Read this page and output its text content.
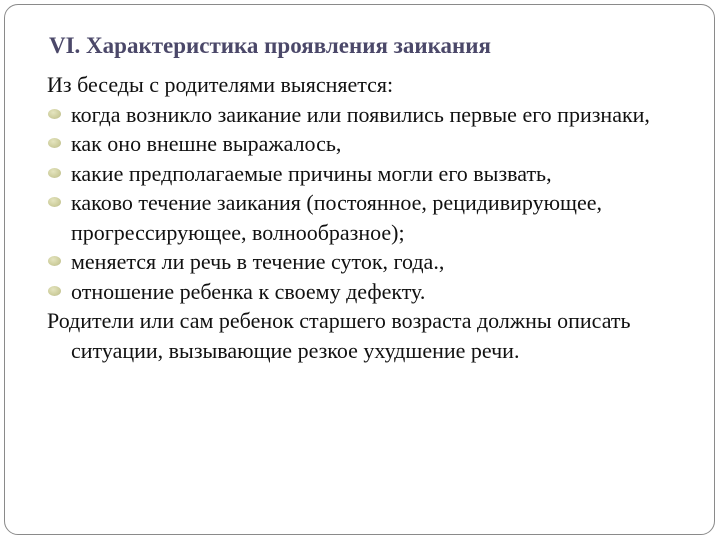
VI. Характеристика проявления заикания

Из беседы с родителями выясняется:

когда возникло заикание или появились первые его признаки,
как оно внешне выражалось,
какие предполагаемые причины могли его вызвать,
каково течение заикания (постоянное, рецидивирующее, прогрессирующее, волнообразное);
меняется ли речь в течение суток, года.,
отношение ребенка к своему дефекту.

Родители или сам ребенок старшего возраста должны описать ситуации, вызывающие резкое ухудшение речи.
